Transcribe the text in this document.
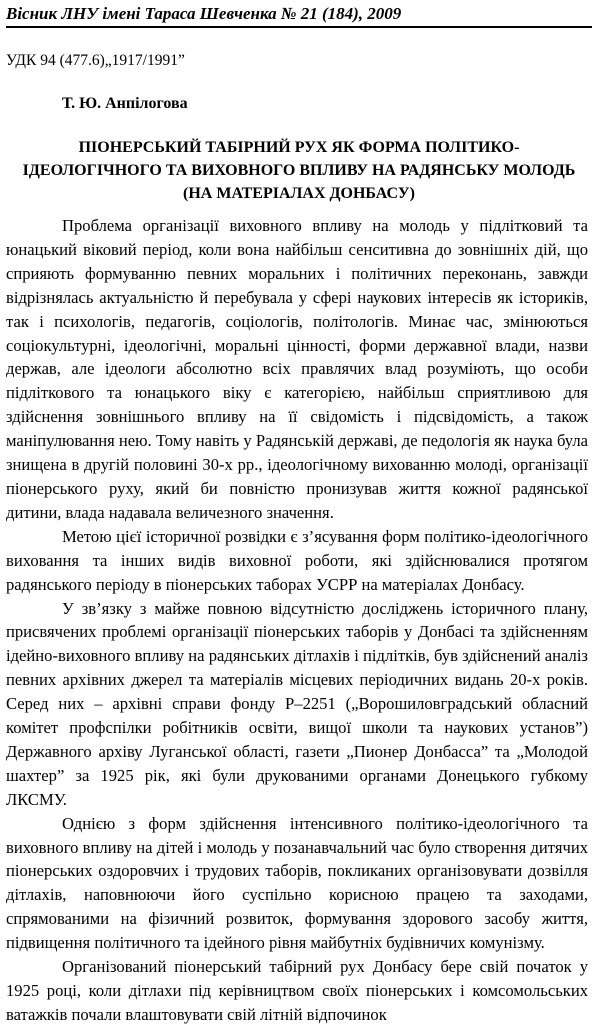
Вісник ЛНУ імені Тараса Шевченка № 21 (184), 2009
УДК 94 (477.6)„1917/1991”
Т. Ю. Анпілогова
ПІОНЕРСЬКИЙ ТАБІРНИЙ РУХ ЯК ФОРМА ПОЛІТИКО-ІДЕОЛОГІЧНОГО ТА ВИХОВНОГО ВПЛИВУ НА РАДЯНСЬКУ МОЛОДЬ (НА МАТЕРІАЛАХ ДОНБАСУ)

Проблема організації виховного впливу на молодь у підлітковий та юнацький віковий період, коли вона найбільш сенситивна до зовнішніх дій, що сприяють формуванню певних моральних і політичних переконань, завжди відрізнялась актуальністю й перебувала у сфері наукових інтересів як істориків, так і психологів, педагогів, соціологів, політологів. Минає час, змінюються соціокультурні, ідеологічні, моральні цінності, форми державної влади, назви держав, але ідеологи абсолютно всіх правлячих влад розуміють, що особи підліткового та юнацького віку є категорією, найбільш сприятливою для здійснення зовнішнього впливу на її свідомість і підсвідомість, а також маніпулювання нею. Тому навіть у Радянській державі, де педологія як наука була знищена в другій половині 30-х рр., ідеологічному вихованню молоді, організації піонерського руху, який би повністю пронизував життя кожної радянської дитини, влада надавала величезного значення.

Метою цієї історичної розвідки є з’ясування форм політико-ідеологічного виховання та інших видів виховної роботи, які здійснювалися протягом радянського періоду в піонерських таборах УСРР на матеріалах Донбасу.

У зв’язку з майже повною відсутністю досліджень історичного плану, присвячених проблемі організації піонерських таборів у Донбасі та здійсненням ідейно-виховного впливу на радянських дітлахів і підлітків, був здійснений аналіз певних архівних джерел та матеріалів місцевих періодичних видань 20-х років. Серед них – архівні справи фонду Р–2251 („Ворошиловградський обласний комітет профспілки робітників освіти, вищої школи та наукових установ”) Державного архіву Луганської області, газети „Пионер Донбасса” та „Молодой шахтер” за 1925 рік, які були друкованими органами Донецького губкому ЛКСМУ.

Однією з форм здійснення інтенсивного політико-ідеологічного та виховного впливу на дітей і молодь у позанавчальний час було створення дитячих піонерських оздоровчих і трудових таборів, покликаних організовувати дозвілля дітлахів, наповнюючи його суспільно корисною працею та заходами, спрямованими на фізичний розвиток, формування здорового засобу життя, підвищення політичного та ідейного рівня майбутніх будівничих комунізму.

Організований піонерський табірний рух Донбасу бере свій початок у 1925 році, коли дітлахи під керівництвом своїх піонерських і комсомольських ватажків почали влаштовувати свій літній відпочинок
